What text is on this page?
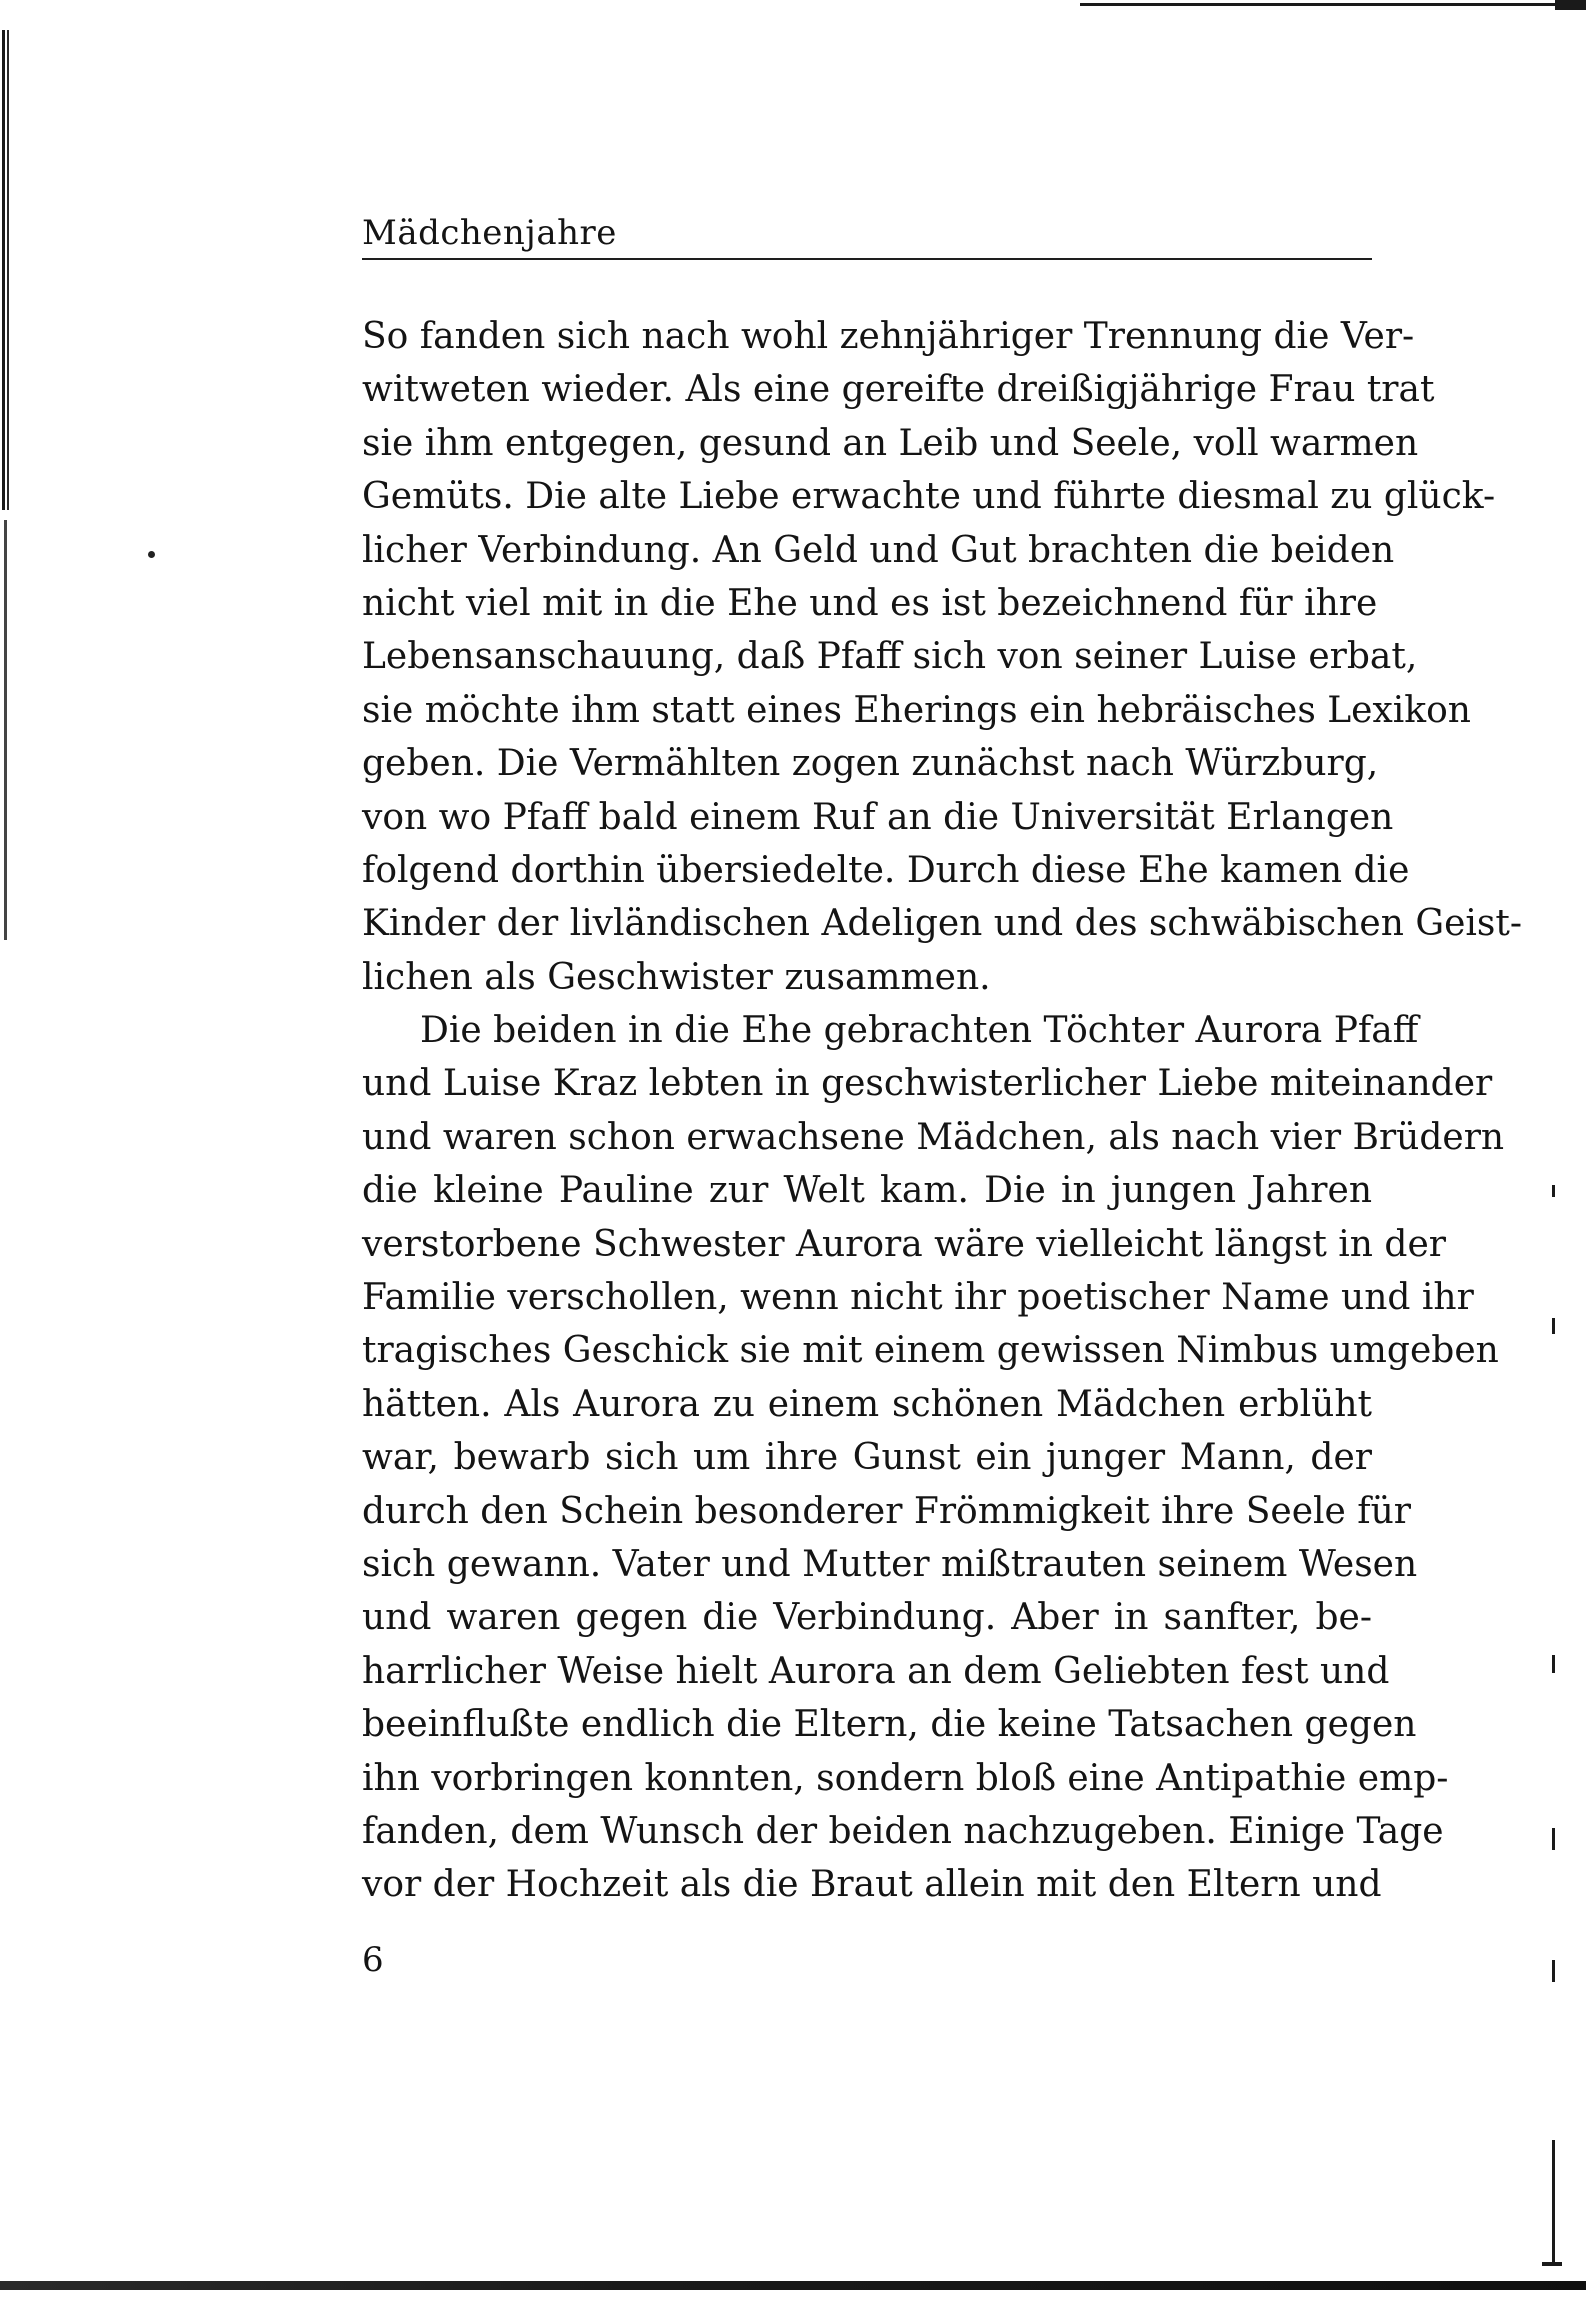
Mädchenjahre
So fanden sich nach wohl zehnjähriger Trennung die Ver-
witweten wieder. Als eine gereifte dreißigjährige Frau trat
sie ihm entgegen, gesund an Leib und Seele, voll warmen
Gemüts. Die alte Liebe erwachte und führte diesmal zu glück-
licher Verbindung. An Geld und Gut brachten die beiden
nicht viel mit in die Ehe und es ist bezeichnend für ihre
Lebensanschauung, daß Pfaff sich von seiner Luise erbat,
sie möchte ihm statt eines Eherings ein hebräisches Lexikon
geben. Die Vermählten zogen zunächst nach Würzburg,
von wo Pfaff bald einem Ruf an die Universität Erlangen
folgend dorthin übersiedelte. Durch diese Ehe kamen die
Kinder der livländischen Adeligen und des schwäbischen Geist-
lichen als Geschwister zusammen.
Die beiden in die Ehe gebrachten Töchter Aurora Pfaff
und Luise Kraz lebten in geschwisterlicher Liebe miteinander
und waren schon erwachsene Mädchen, als nach vier Brüdern
die kleine Pauline zur Welt kam. Die in jungen Jahren
verstorbene Schwester Aurora wäre vielleicht längst in der
Familie verschollen, wenn nicht ihr poetischer Name und ihr
tragisches Geschick sie mit einem gewissen Nimbus umgeben
hätten. Als Aurora zu einem schönen Mädchen erblüht
war, bewarb sich um ihre Gunst ein junger Mann, der
durch den Schein besonderer Frömmigkeit ihre Seele für
sich gewann. Vater und Mutter mißtrauten seinem Wesen
und waren gegen die Verbindung. Aber in sanfter, be-
harrlicher Weise hielt Aurora an dem Geliebten fest und
beeinflußte endlich die Eltern, die keine Tatsachen gegen
ihn vorbringen konnten, sondern bloß eine Antipathie emp-
fanden, dem Wunsch der beiden nachzugeben. Einige Tage
vor der Hochzeit als die Braut allein mit den Eltern und
6
